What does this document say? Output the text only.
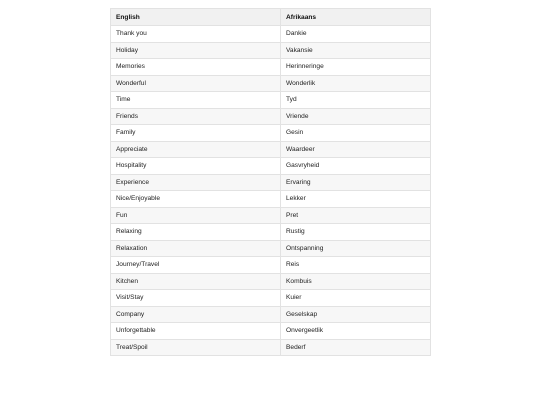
English	Afrikaans
Thank you	Dankie
Holiday	Vakansie
Memories	Herinneringe
Wonderful	Wonderlik
Time	Tyd
Friends	Vriende
Family	Gesin
Appreciate	Waardeer
Hospitality	Gasvryheid
Experience	Ervaring
Nice/Enjoyable	Lekker
Fun	Pret
Relaxing	Rustig
Relaxation	Ontspanning
Journey/Travel	Reis
Kitchen	Kombuis
Visit/Stay	Kuier
Company	Geselskap
Unforgettable	Onvergeetlik
Treat/Spoil	Bederf
